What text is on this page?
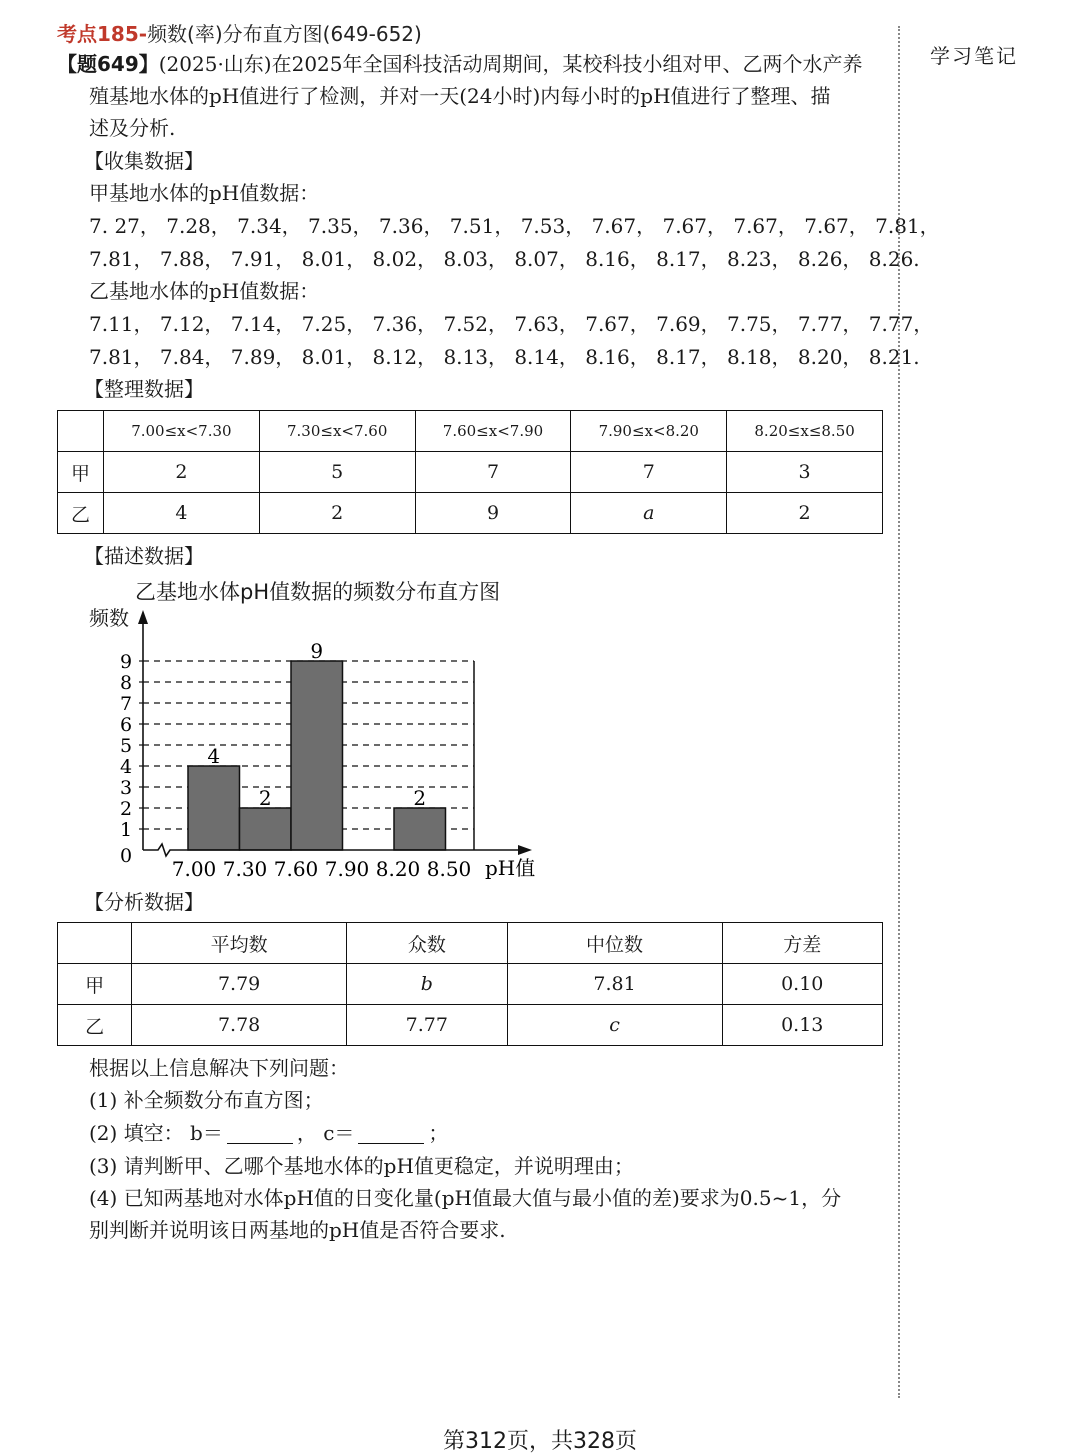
学习笔记
考点185-频数(率)分布直方图(649-652)
【题649】(2025·山东)在2025年全国科技活动周期间，某校科技小组对甲、乙两个水产养
殖基地水体的pH值进行了检测，并对一天(24小时)内每小时的pH值进行了整理、描
述及分析.
【收集数据】
甲基地水体的pH值数据：
7. 27， 7.28， 7.34， 7.35， 7.36， 7.51， 7.53， 7.67， 7.67， 7.67， 7.67， 7.81，
7.81， 7.88， 7.91， 8.01， 8.02， 8.03， 8.07， 8.16， 8.17， 8.23， 8.26， 8.26.
乙基地水体的pH值数据：
7.11， 7.12， 7.14， 7.25， 7.36， 7.52， 7.63， 7.67， 7.69， 7.75， 7.77， 7.77，
7.81， 7.84， 7.89， 8.01， 8.12， 8.13， 8.14， 8.16， 8.17， 8.18， 8.20， 8.21.
【整理数据】
	7.00≤x<7.30	7.30≤x<7.60	7.60≤x<7.90	7.90≤x<8.20	8.20≤x≤8.50
甲	2	5	7	7	3
乙	4	2	9	a	2
【描述数据】
乙基地水体pH值数据的频数分布直方图
频数
4
2
9
2
0
1
2
3
4
5
6
7
8
9
7.00 7.30 7.60 7.90 8.20 8.50 pH值
【分析数据】
	平均数	众数	中位数	方差
甲	7.79	b	7.81	0.10
乙	7.78	7.77	c	0.13
根据以上信息解决下列问题：
(1) 补全频数分布直方图；
(2) 填空： b＝	， c＝	；
(3) 请判断甲、乙哪个基地水体的pH值更稳定，并说明理由；
(4) 已知两基地对水体pH值的日变化量(pH值最大值与最小值的差)要求为0.5~1，分
别判断并说明该日两基地的pH值是否符合要求.
第312页，共328页
